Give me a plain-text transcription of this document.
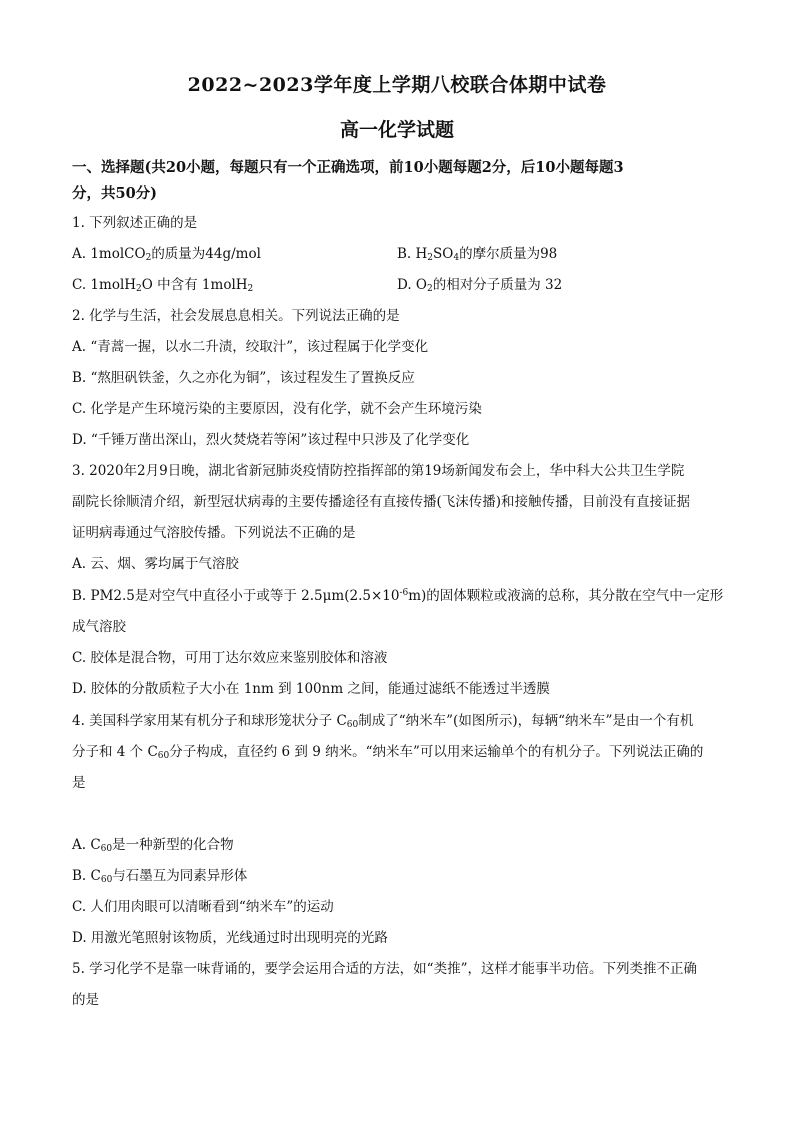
2022~2023学年度上学期八校联合体期中试卷
高一化学试题
一、选择题(共20小题，每题只有一个正确选项，前10小题每题2分，后10小题每题3
分，共50分)
1. 下列叙述正确的是
A. 1molCO$_2$的质量为44g/mol	B. $H_2SO_4$的摩尔质量为98
C. 1molH$_2$O 中含有 1molH$_2$	D. $O_2$的相对分子质量为 32
2. 化学与生活，社会发展息息相关。下列说法正确的是
A. “青蒿一握，以水二升渍，绞取汁”，该过程属于化学变化
B. “熬胆矾铁釜，久之亦化为铜”，该过程发生了置换反应
C. 化学是产生环境污染的主要原因，没有化学，就不会产生环境污染
D. “千锤万凿出深山，烈火焚烧若等闲”该过程中只涉及了化学变化
3. 2020年2月9日晚，湖北省新冠肺炎疫情防控指挥部的第19场新闻发布会上，华中科大公共卫生学院
副院长徐顺清介绍，新型冠状病毒的主要传播途径有直接传播(飞沫传播)和接触传播，目前没有直接证据
证明病毒通过气溶胶传播。下列说法不正确的是
A. 云、烟、雾均属于气溶胶
B. PM2.5是对空气中直径小于或等于 $2.5\mu m(2.5\times 10^{-6}m)$的固体颗粒或液滴的总称，其分散在空气中一定形
成气溶胶
C. 胶体是混合物，可用丁达尔效应来鉴别胶体和溶液
D. 胶体的分散质粒子大小在 1nm 到 100nm 之间，能通过滤纸不能透过半透膜
4. 美国科学家用某有机分子和球形笼状分子 $C_{60}$制成了“纳米车”(如图所示)，每辆“纳米车”是由一个有机
分子和 4 个 $C_{60}$分子构成，直径约 6 到 9 纳米。“纳米车”可以用来运输单个的有机分子。下列说法正确的
是
A. $C_{60}$是一种新型的化合物
B. $C_{60}$与石墨互为同素异形体
C. 人们用肉眼可以清晰看到“纳米车”的运动
D. 用激光笔照射该物质，光线通过时出现明亮的光路
5. 学习化学不是靠一味背诵的，要学会运用合适的方法，如“类推”，这样才能事半功倍。下列类推不正确
的是
